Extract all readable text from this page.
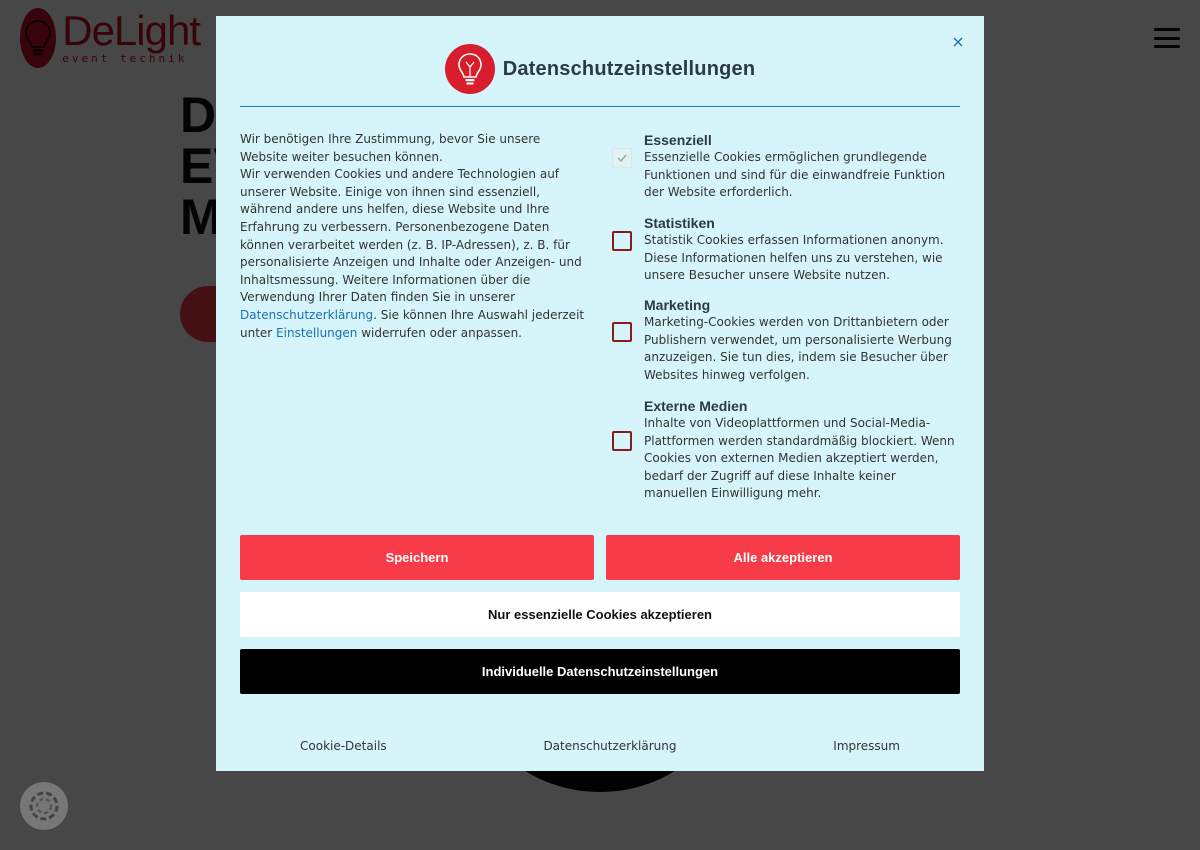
Datenschutzeinstellungen

Wir benötigen Ihre Zustimmung, bevor Sie unsere Website weiter besuchen können.

Wir verwenden Cookies und andere Technologien auf unserer Website. Einige von ihnen sind essenziell, während andere uns helfen, diese Website und Ihre Erfahrung zu verbessern. Personenbezogene Daten können verarbeitet werden (z. B. IP-Adressen), z. B. für personalisierte Anzeigen und Inhalte oder Anzeigen- und Inhaltsmessung. Weitere Informationen über die Verwendung Ihrer Daten finden Sie in unserer Datenschutzerklärung. Sie können Ihre Auswahl jederzeit unter Einstellungen widerrufen oder anpassen.

Essenziell
Essenzielle Cookies ermöglichen grundlegende Funktionen und sind für die einwandfreie Funktion der Website erforderlich.
Statistiken
Statistik Cookies erfassen Informationen anonym. Diese Informationen helfen uns zu verstehen, wie unsere Besucher unsere Website nutzen.
Marketing
Marketing-Cookies werden von Drittanbietern oder Publishern verwendet, um personalisierte Werbung anzuzeigen. Sie tun dies, indem sie Besucher über Websites hinweg verfolgen.
Externe Medien
Inhalte von Videoplattformen und Social-Media-Plattformen werden standardmäßig blockiert. Wenn Cookies von externen Medien akzeptiert werden, bedarf der Zugriff auf diese Inhalte keiner manuellen Einwilligung mehr.
Speichern	Alle akzeptieren
Nur essenzielle Cookies akzeptieren
Individuelle Datenschutzeinstellungen
Cookie-Details	Datenschutzerklärung	Impressum
